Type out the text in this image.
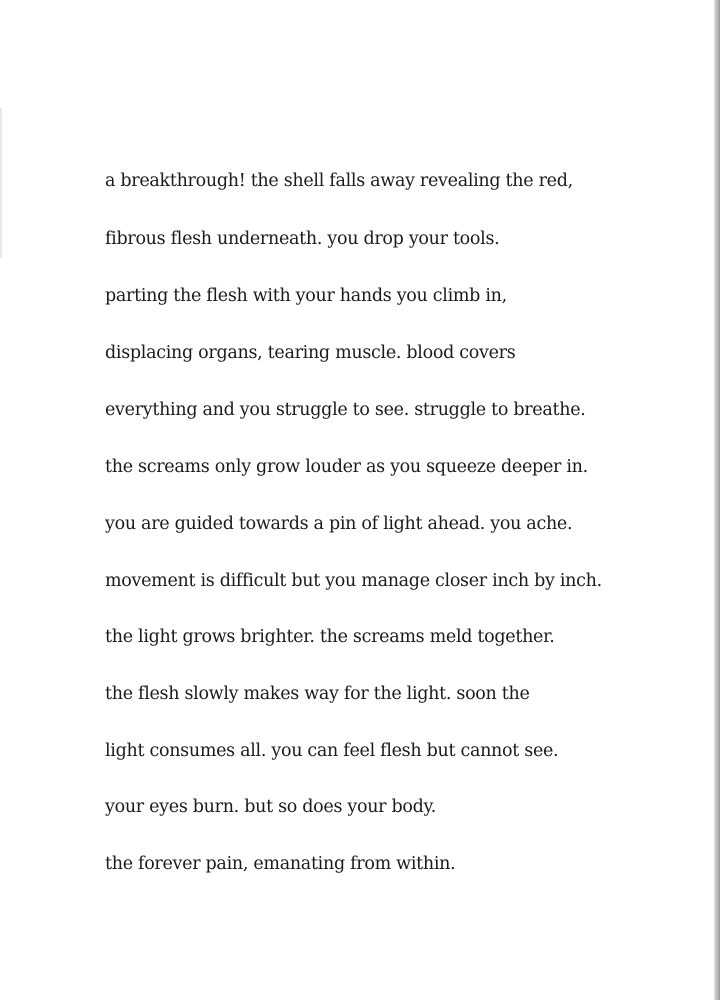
a breakthrough! the shell falls away revealing the red,

fibrous flesh underneath. you drop your tools.

parting the flesh with your hands you climb in,

displacing organs, tearing muscle. blood covers

everything and you struggle to see. struggle to breathe.

the screams only grow louder as you squeeze deeper in.

you are guided towards a pin of light ahead. you ache.

movement is difficult but you manage closer inch by inch.

the light grows brighter. the screams meld together.

the flesh slowly makes way for the light. soon the

light consumes all. you can feel flesh but cannot see.

your eyes burn. but so does your body.

the forever pain, emanating from within.
